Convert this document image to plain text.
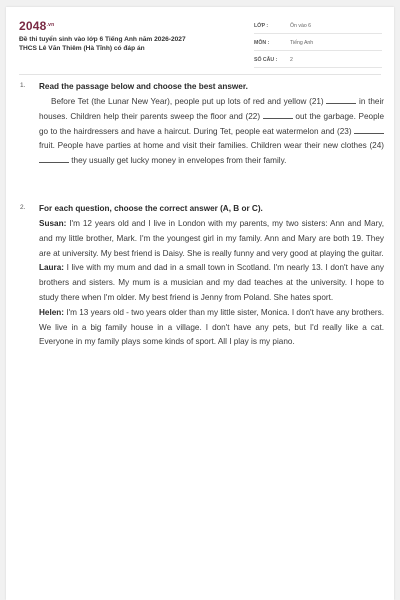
$2048^{.vn}$
Đề thi tuyển sinh vào lớp 6 Tiếng Anh năm 2026-2027
THCS Lê Văn Thiêm (Hà Tĩnh) có đáp án
LỚP :	Ôn vào 6
MÔN :	Tiếng Anh
SỐ CÂU : 2
1. Read the passage below and choose the best answer.

Before Tet (the Lunar New Year), people put up lots of red and yellow (21)	in their houses. Children help their parents sweep the floor and (22)	out the garbage. People go to the hairdressers and have a haircut. During Tet, people eat watermelon and (23)  fruit. People have parties at home and visit their families. Children wear their new clothes (24)  they usually get lucky money in envelopes from their family.

2. For each question, choose the correct answer (A, B or C).

Susan: I'm 12 years old and I live in London with my parents, my two sisters: Ann and Mary, and my little brother, Mark. I'm the youngest girl in my family. Ann and Mary are both 19. They are at university. My best friend is Daisy. She is really funny and very good at playing the guitar.

Laura: I live with my mum and dad in a small town in Scotland. I'm nearly 13. I don't have any brothers and sisters. My mum is a musician and my dad teaches at the university. I hope to study there when I'm older. My best friend is Jenny from Poland. She hates sport.

Helen: I'm 13 years old - two years older than my little sister, Monica. I don't have any brothers. We live in a big family house in a village. I don't have any pets, but I'd really like a cat. Everyone in my family plays some kinds of sport. All I play is my piano.
